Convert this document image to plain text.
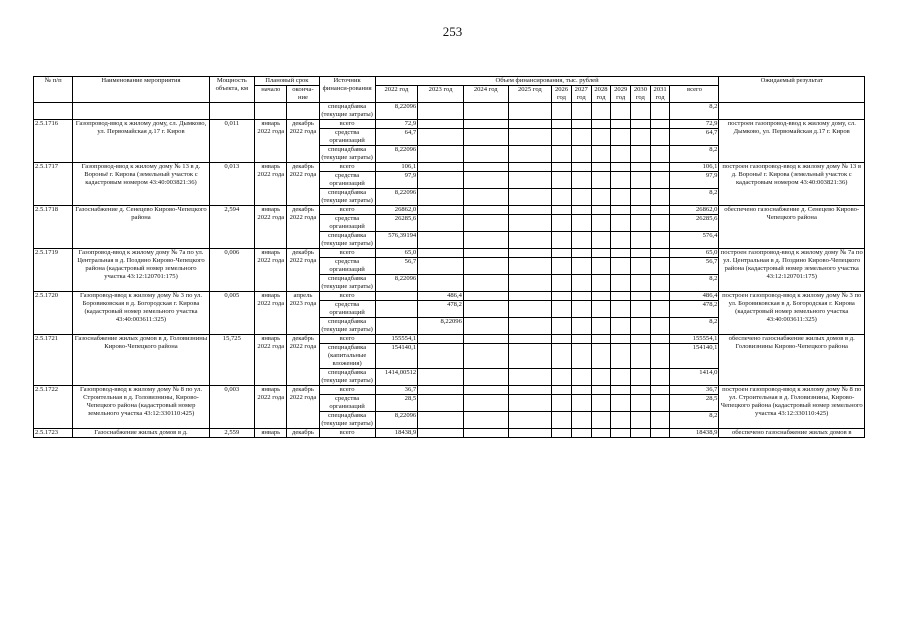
253
№ п/п	Наименование мероприятия	Мощность объекта, км	Плановый срок		Источник финанси-рования	Объем финансирования, тыс. рублей											Ожидаемый результат
			начало	оконча-ние		2022 год	2023 год	2024 год	2025 год	2026 год	2027 год	2028 год	2029 год	2030 год	2031 год	всего	
					спецнадбавка (текущие затраты)	8,22096										8,2	
2.5.1716	Газопровод-ввод к жилому дому, сл. Дымково, ул. Первомайская д.17 г. Киров	0,011	январь 2022 года	декабрь 2022 года	всего	72,9										72,9	построен газопровод-ввод к жилому дому, сл. Дымково, ул. Первомайская д.17 г. Киров
					средства организаций	64,7										64,7	
					спецнадбавка (текущие затраты)	8,22096										8,2	
2.5.1717	Газопровод-ввод к жилому дому № 13 в д. Вороньё г. Кирова (земельный участок с кадастровым номером 43:40:003821:36)	0,013	январь 2022 года	декабрь 2022 года	всего	106,1										106,1	построен газопровод-ввод к жилому дому № 13 в д. Вороньё г. Кирова (земельный участок с кадастровым номером 43:40:003821:36)
					средства организаций	97,9										97,9	
					спецнадбавка (текущие затраты)	8,22096										8,2	
2.5.1718	Газоснабжение д. Сенецево Кирово-Чепецкого района	2,594	январь 2022 года	декабрь 2022 года	всего	26862,0										26862,0	обеспечено газоснабжение д. Сенецево Кирово-Чепецкого района
					средства организаций	26285,6										26285,6	
					спецнадбавка (текущие затраты)	576,39194										576,4	
2.5.1719	Газопровод-ввод к жилому дому № 7а по ул. Центральная в д. Поздино Кирово-Чепецкого района (кадастровый номер земельного участка 43:12:120701:175)	0,006	январь 2022 года	декабрь 2022 года	всего	65,0										65,0	построен газопровод-ввод к жилому дому № 7а по ул. Центральная в д. Поздино Кирово-Чепецкого района (кадастровый номер земельного участка 43:12:120701:175)
					средства организаций	56,7										56,7	
					спецнадбавка (текущие затраты)	8,22096										8,2	
2.5.1720	Газопровод-ввод к жилому дому № 3 по ул. Боровиковская в д. Богородская г. Кирова (кадастровый номер земельного участка 43:40:003611:325)	0,005	январь 2022 года	апрель 2023 года	всего		486,4									486,4	построен газопровод-ввод к жилому дому № 3 по ул. Боровиковская в д. Богородская г. Кирова (кадастровый номер земельного участка 43:40:003611:325)
					средства организаций		478,2									478,2	
					спецнадбавка (текущие затраты)		8,22096									8,2	
2.5.1721	Газоснабжение жилых домов в д. Головизнины Кирово-Чепецкого района	15,725	январь 2022 года	декабрь 2022 года	всего	155554,1										155554,1	обеспечено газоснабжение жилых домов в д. Головизнины Кирово-Чепецкого района
					спецнадбавка (капитальные вложения)	154140,1										154140,1	
					спецнадбавка (текущие затраты)	1414,00512										1414,0	
2.5.1722	Газопровод-ввод к жилому дому № 8 по ул. Строительная в д. Головизнины, Кирово-Чепецкого района (кадастровый номер земельного участка 43:12:330110:425)	0,003	январь 2022 года	декабрь 2022 года	всего	36,7										36,7	построен газопровод-ввод к жилому дому № 8 по ул. Строительная в д. Головизнины, Кирово-Чепецкого района (кадастровый номер земельного участка 43:12:330110:425)
					средства организаций	28,5										28,5	
					спецнадбавка (текущие затраты)	8,22096										8,2	
2.5.1723	Газоснабжение жилых домов в д.	2,559	январь	декабрь	всего	18438,9										18438,9	обеспечено газоснабжение жилых домов в
